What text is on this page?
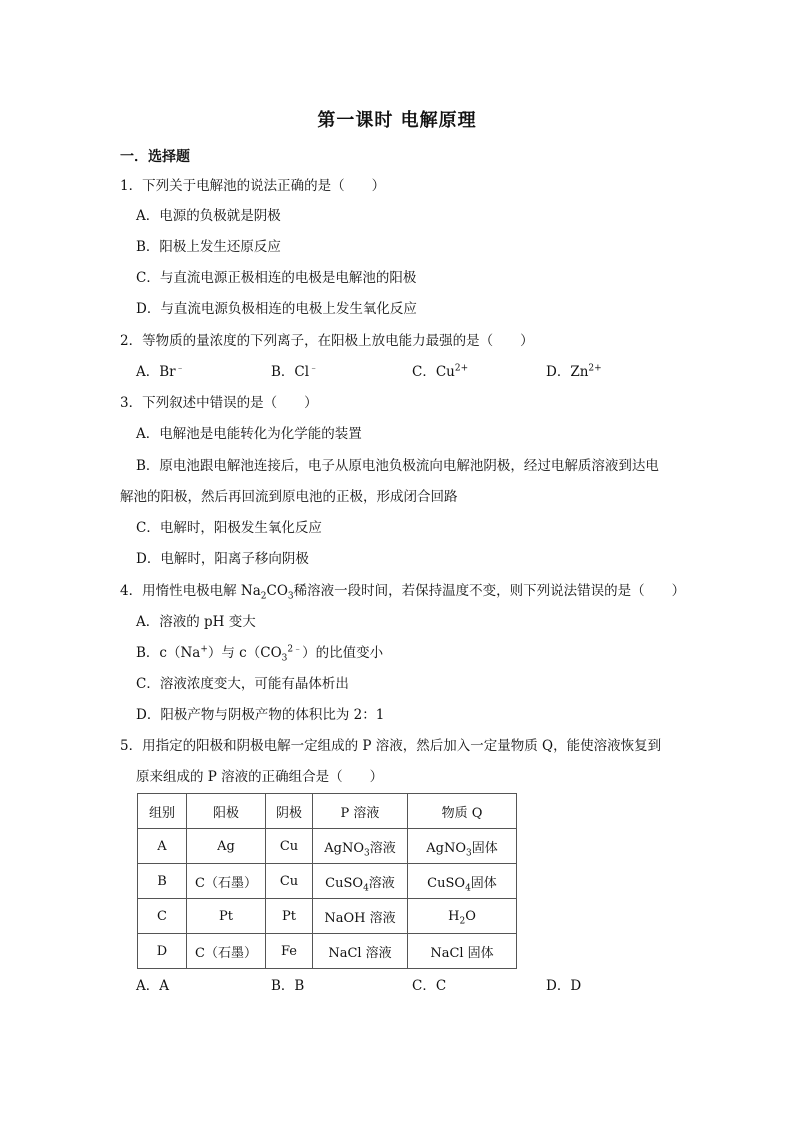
第一课时 电解原理
一．选择题
1．下列关于电解池的说法正确的是（　　）
A．电源的负极就是阴极
B．阳极上发生还原反应
C．与直流电源正极相连的电极是电解池的阳极
D．与直流电源负极相连的电极上发生氧化反应
2．等物质的量浓度的下列离子，在阳极上放电能力最强的是（　　）
A．Br﹣	B．Cl﹣	C．$Cu^{2+}$	D．$Zn^{2+}$
3．下列叙述中错误的是（　　）
A．电解池是电能转化为化学能的装置
B．原电池跟电解池连接后，电子从原电池负极流向电解池阴极，经过电解质溶液到达电
解池的阳极，然后再回流到原电池的正极，形成闭合回路
C．电解时，阳极发生氧化反应
D．电解时，阳离子移向阴极
4．用惰性电极电解 $Na_2CO_3$稀溶液一段时间，若保持温度不变，则下列说法错误的是（　　）
A．溶液的 pH 变大
B．c（Na+）与 $c(CO_3^{2﹣})$的比值变小
C．溶液浓度变大，可能有晶体析出
D．阳极产物与阴极产物的体积比为 2：1
5．用指定的阳极和阴极电解一定组成的 P 溶液，然后加入一定量物质 Q，能使溶液恢复到
原来组成的 P 溶液的正确组合是（　　）
组别	阳极	阴极	P 溶液	物质 Q
A	Ag	Cu	AgNO$_3$溶液	AgNO$_3$固体
B	C（石墨）	Cu	CuSO$_4$溶液	CuSO$_4$固体
C	Pt	Pt	NaOH 溶液	$H_2O$
D	C（石墨）	Fe	NaCl 溶液	NaCl 固体
A．A	B．B	C．C	D．D
